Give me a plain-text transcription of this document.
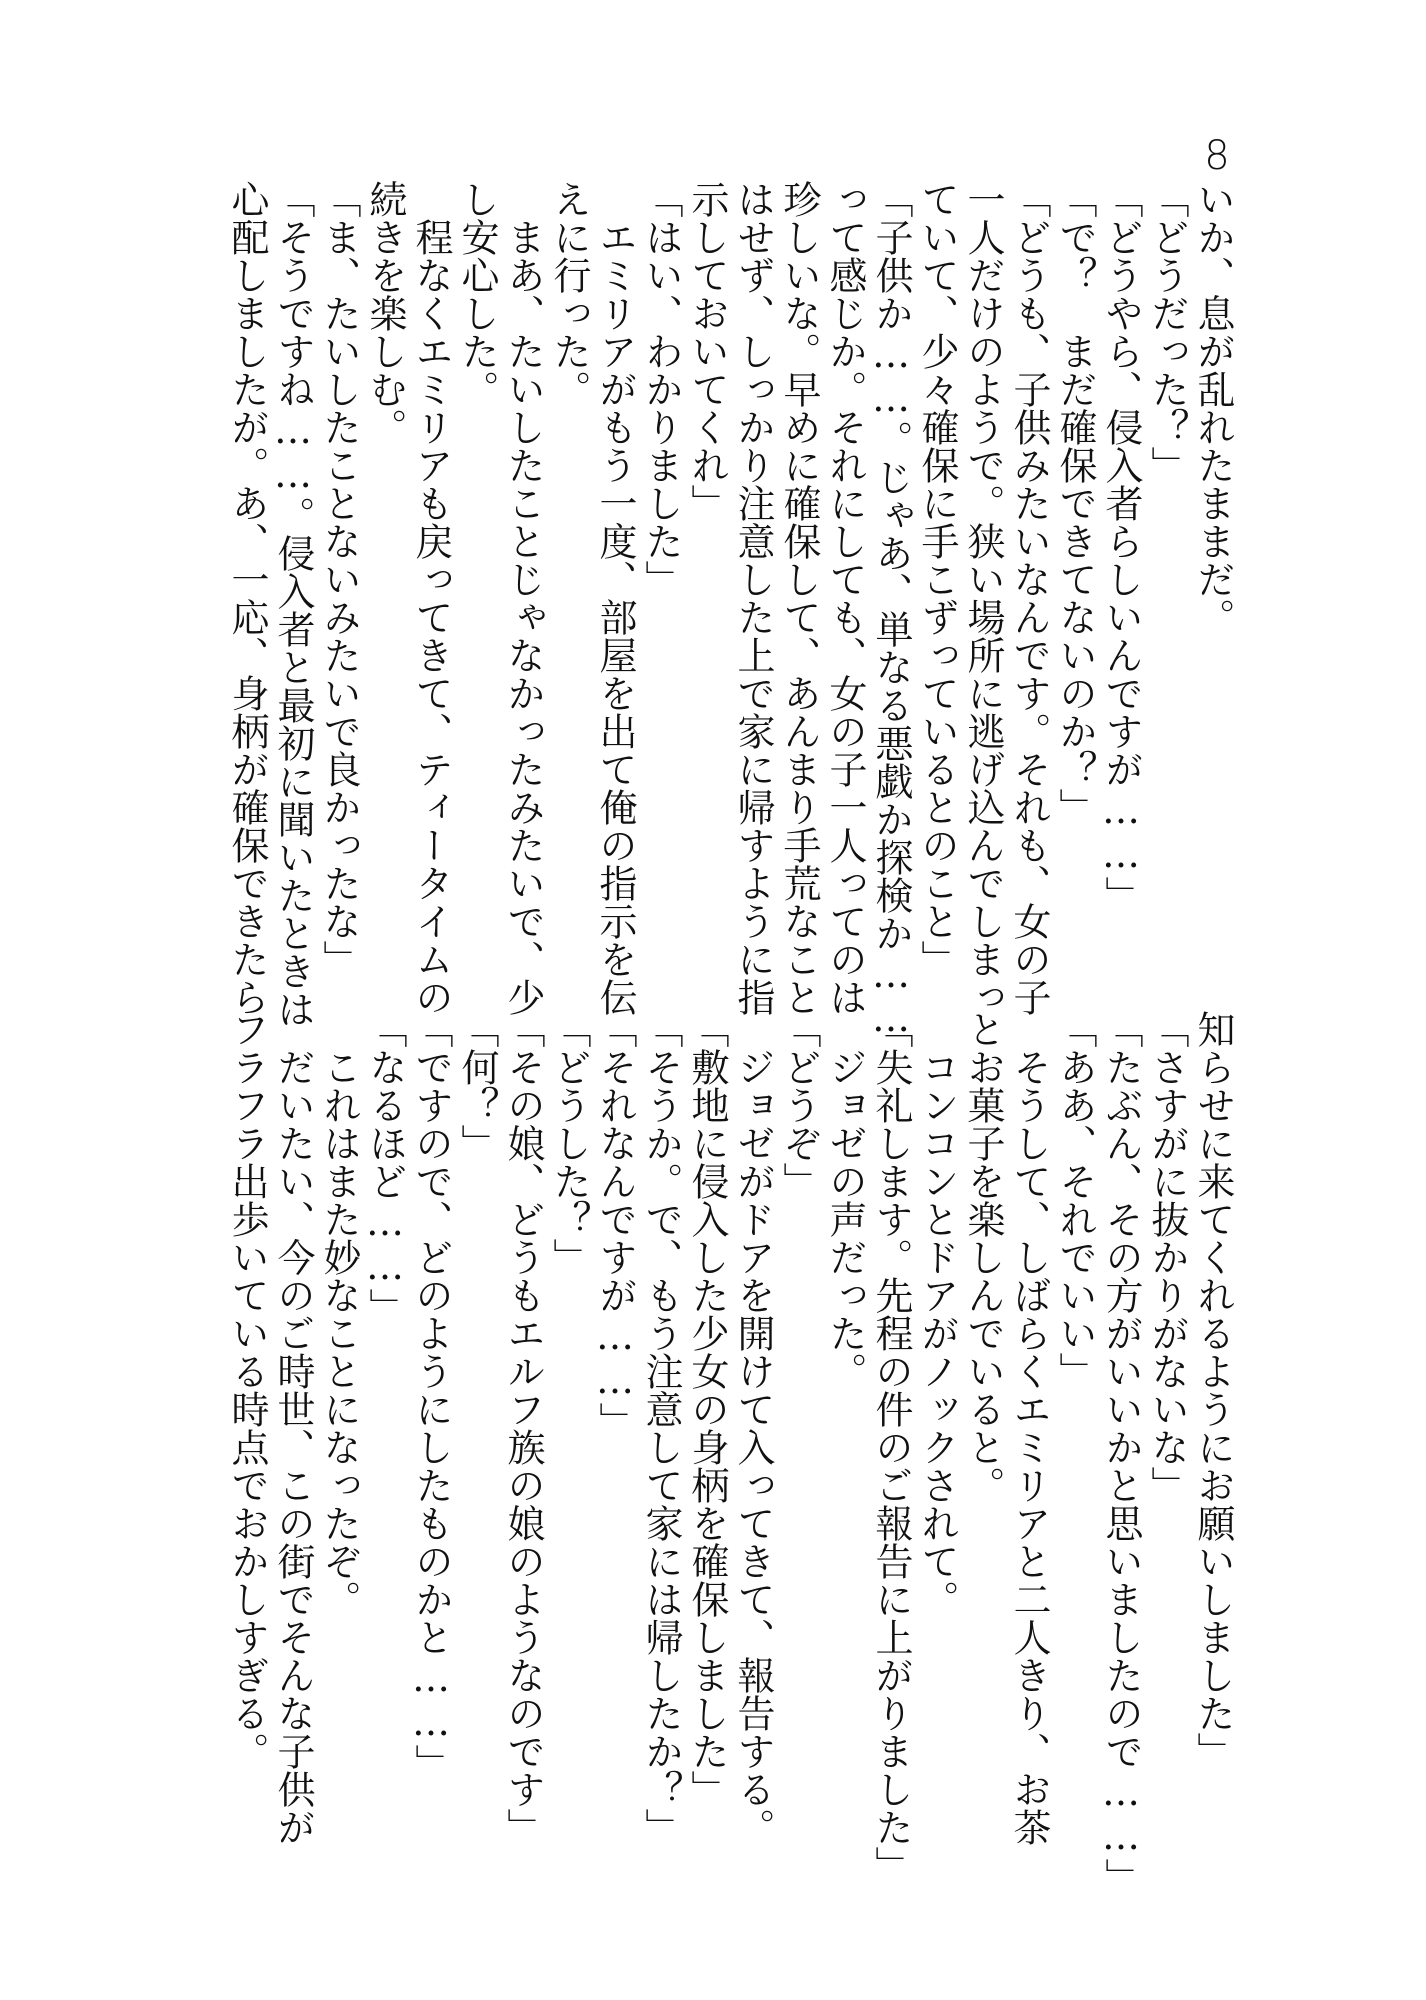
8
いか、息が乱れたままだ。
「どうだった？」
「どうやら、侵入者らしいんですが……」
「で？　まだ確保できてないのか？」
「どうも、子供みたいなんです。それも、女の子
一人だけのようで。狭い場所に逃げ込んでしまっ
ていて、少々確保に手こずっているとのこと」
「子供か……。じゃあ、単なる悪戯か探検か……
って感じか。それにしても、女の子一人ってのは
珍しいな。早めに確保して、あんまり手荒なこと
はせず、しっかり注意した上で家に帰すように指
示しておいてくれ」
「はい、わかりました」
エミリアがもう一度、部屋を出て俺の指示を伝
えに行った。
まあ、たいしたことじゃなかったみたいで、少
し安心した。
程なくエミリアも戻ってきて、ティータイムの
続きを楽しむ。
「ま、たいしたことないみたいで良かったな」
「そうですね……。侵入者と最初に聞いたときは
心配しましたが。あ、一応、身柄が確保できたら
知らせに来てくれるようにお願いしました」
「さすがに抜かりがないな」
「たぶん、その方がいいかと思いましたので……」
「ああ、それでいい」
そうして、しばらくエミリアと二人きり、お茶
とお菓子を楽しんでいると。
コンコンとドアがノックされて。
「失礼します。先程の件のご報告に上がりました」
ジョゼの声だった。
「どうぞ」
ジョゼがドアを開けて入ってきて、報告する。
「敷地に侵入した少女の身柄を確保しました」
「そうか。で、もう注意して家には帰したか？」
「それなんですが……」
「どうした？」
「その娘、どうもエルフ族の娘のようなのです」
「何？」
「ですので、どのようにしたものかと……」
「なるほど……」
これはまた妙なことになったぞ。
だいたい、今のご時世、この街でそんな子供が
フラフラ出歩いている時点でおかしすぎる。
